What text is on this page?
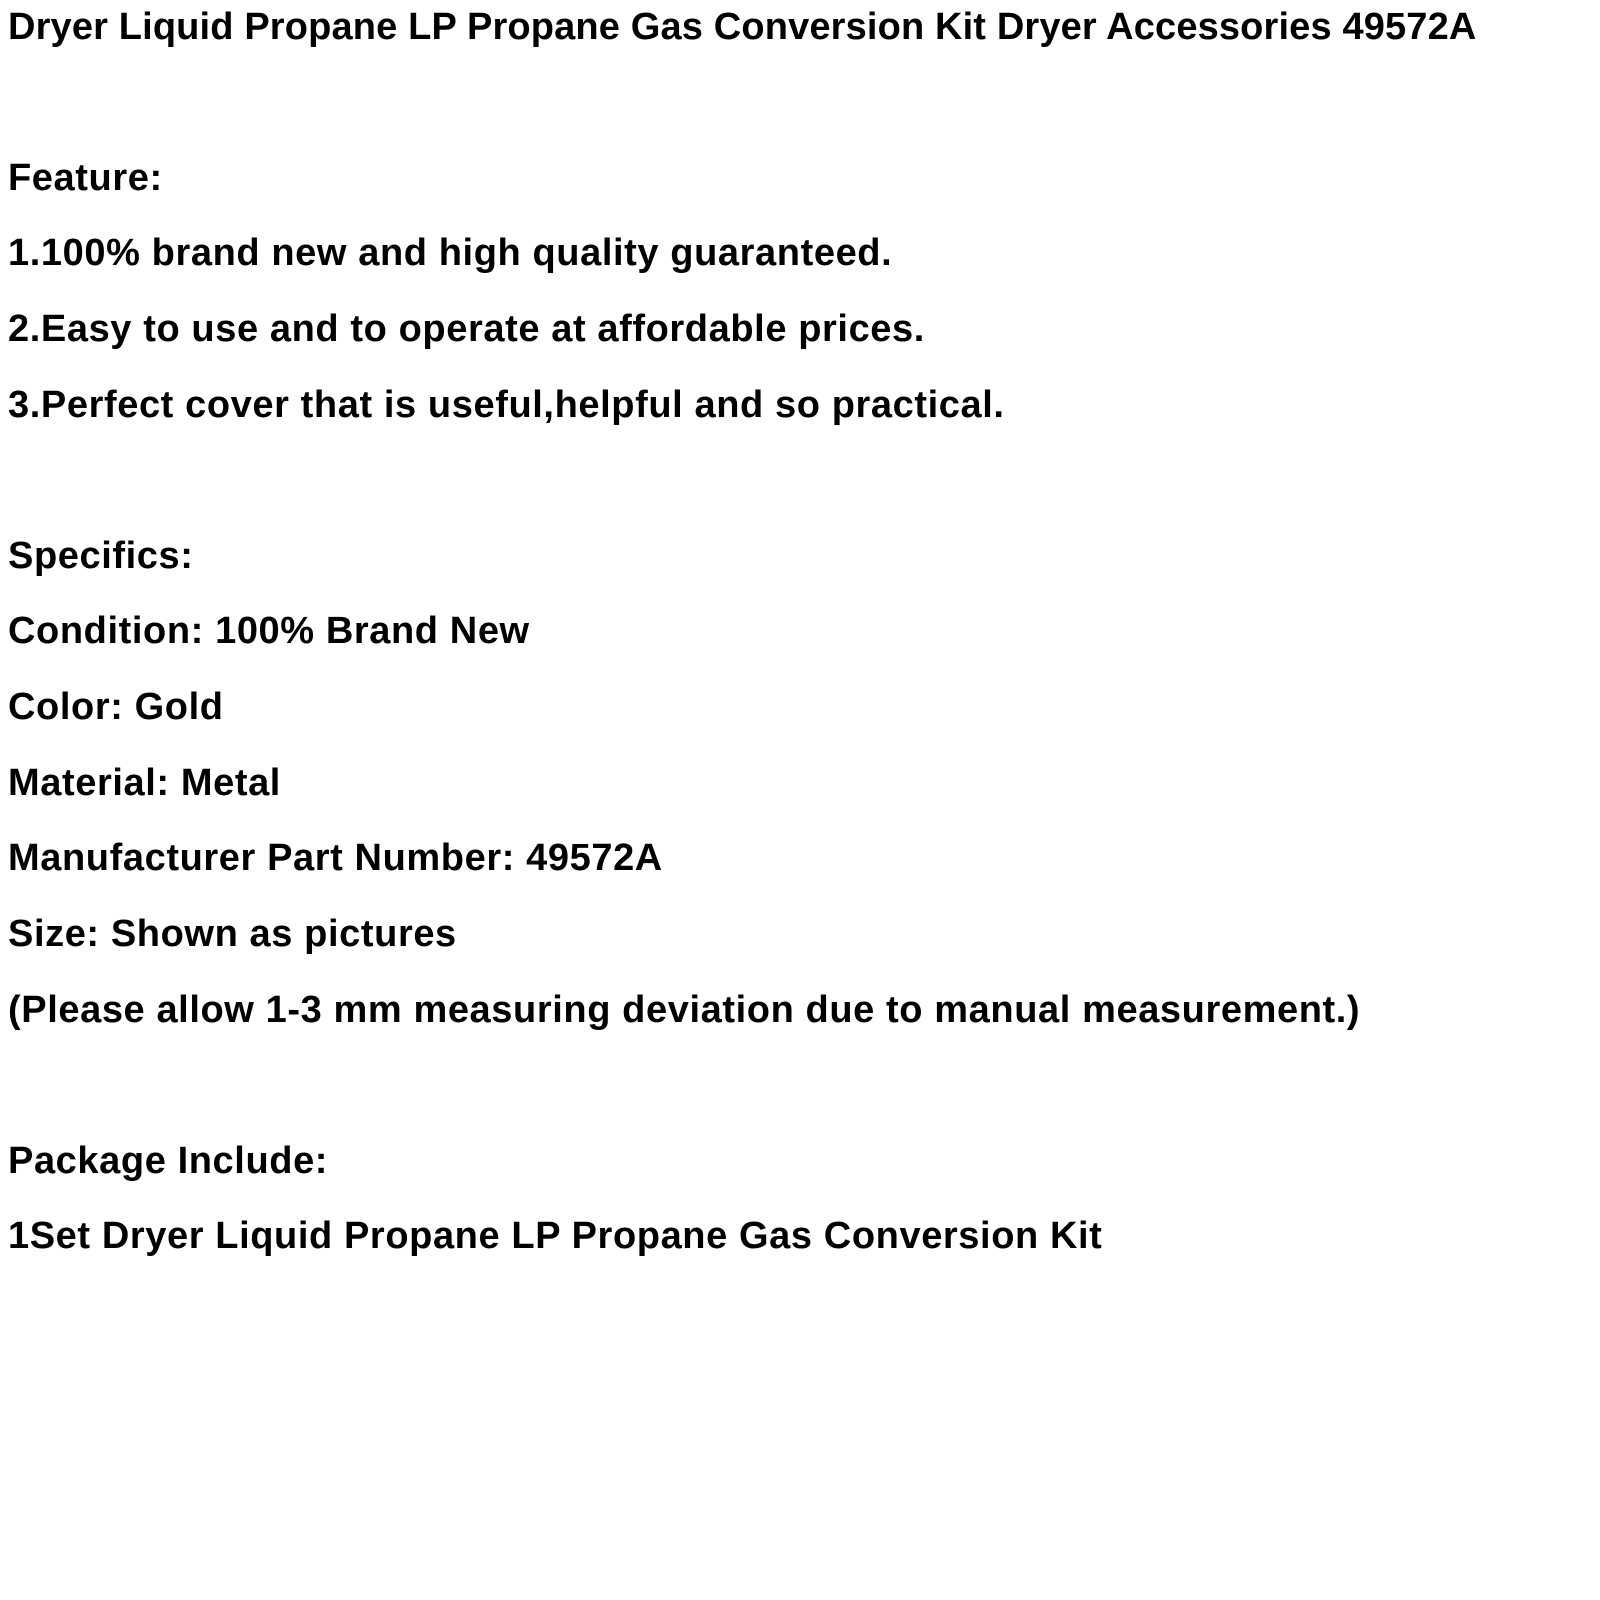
Dryer Liquid Propane LP Propane Gas Conversion Kit Dryer Accessories 49572A

Feature:

1.100% brand new and high quality guaranteed.

2.Easy to use and to operate at affordable prices.

3.Perfect cover that is useful,helpful and so practical.

Specifics:

Condition: 100% Brand New

Color: Gold

Material: Metal

Manufacturer Part Number: 49572A

Size: Shown as pictures

(Please allow 1-3 mm measuring deviation due to manual measurement.)

Package Include:

1Set Dryer Liquid Propane LP Propane Gas Conversion Kit
